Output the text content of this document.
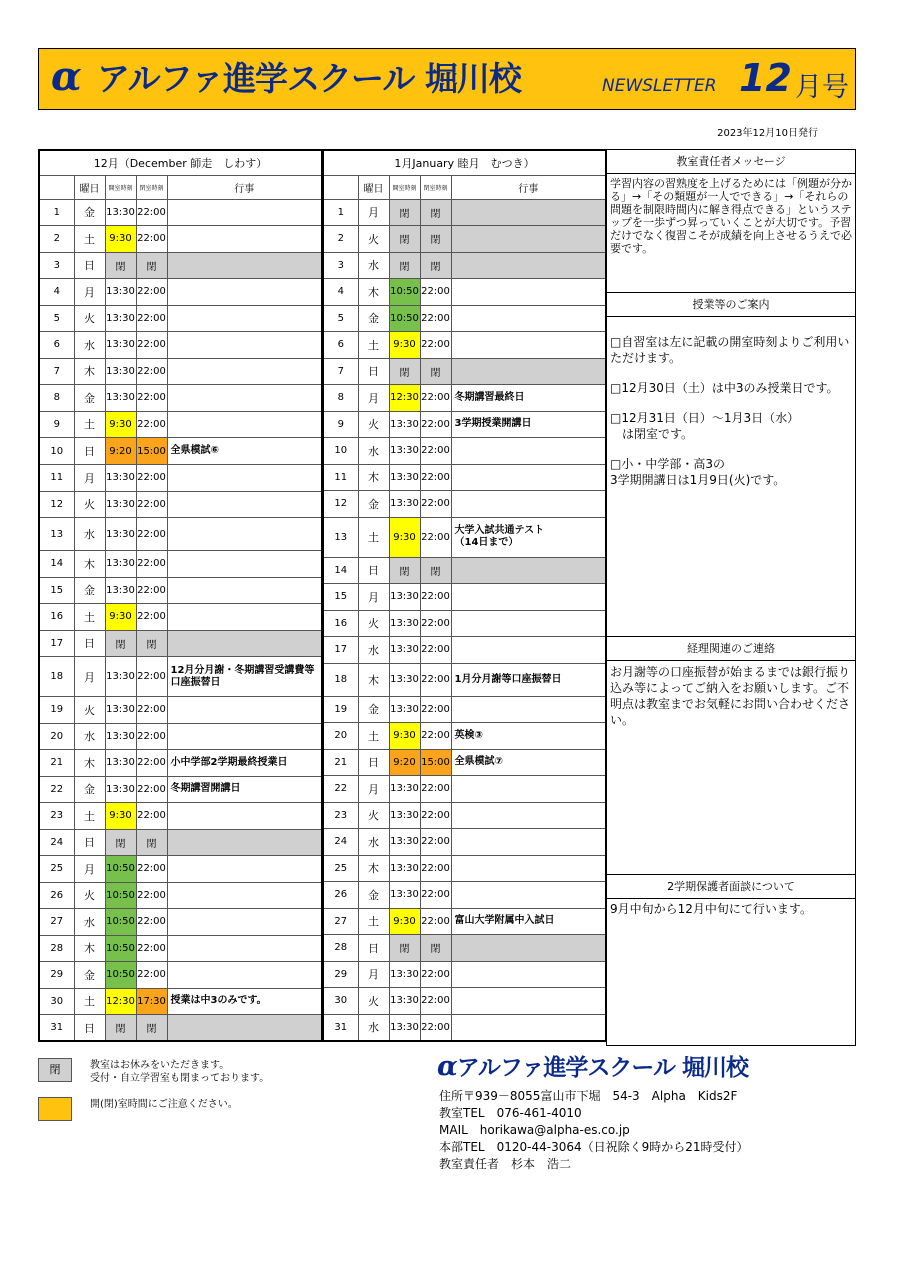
α アルファ進学スクール 堀川校	NEWSLETTER 12 月号
2023年12月10日発行
12月（December 師走　しわす）				
	曜日	開室時刻	閉室時刻	行事
1	金	13:30	22:00	
2	土	9:30	22:00	
3	日	閉	閉	
4	月	13:30	22:00	
5	火	13:30	22:00	
6	水	13:30	22:00	
7	木	13:30	22:00	
8	金	13:30	22:00	
9	土	9:30	22:00	
10	日	9:20	15:00	全県模試⑥
11	月	13:30	22:00	
12	火	13:30	22:00	
13	水	13:30	22:00	
14	木	13:30	22:00	
15	金	13:30	22:00	
16	土	9:30	22:00	
17	日	閉	閉	
18	月	13:30	22:00	12月分月謝・冬期講習受講費等口座振替日
19	火	13:30	22:00	
20	水	13:30	22:00	
21	木	13:30	22:00	小中学部2学期最終授業日
22	金	13:30	22:00	冬期講習開講日
23	土	9:30	22:00	
24	日	閉	閉	
25	月	10:50	22:00	
26	火	10:50	22:00	
27	水	10:50	22:00	
28	木	10:50	22:00	
29	金	10:50	22:00	
30	土	12:30	17:30	授業は中3のみです。
31	日	閉	閉	
1月January 睦月　むつき）				
	曜日	開室時刻	閉室時刻	行事
1	月	閉	閉	
2	火	閉	閉	
3	水	閉	閉	
4	木	10:50	22:00	
5	金	10:50	22:00	
6	土	9:30	22:00	
7	日	閉	閉	
8	月	12:30	22:00	冬期講習最終日
9	火	13:30	22:00	3学期授業開講日
10	水	13:30	22:00	
11	木	13:30	22:00	
12	金	13:30	22:00	
13	土	9:30	22:00	大学入試共通テスト
（14日まで）
14	日	閉	閉	
15	月	13:30	22:00	
16	火	13:30	22:00	
17	水	13:30	22:00	
18	木	13:30	22:00	1月分月謝等口座振替日
19	金	13:30	22:00	
20	土	9:30	22:00	英検③
21	日	9:20	15:00	全県模試⑦
22	月	13:30	22:00	
23	火	13:30	22:00	
24	水	13:30	22:00	
25	木	13:30	22:00	
26	金	13:30	22:00	
27	土	9:30	22:00	富山大学附属中入試日
28	日	閉	閉	
29	月	13:30	22:00	
30	火	13:30	22:00	
31	水	13:30	22:00	
教室責任者メッセージ
学習内容の習熟度を上げるためには「例題が分かる」→「その類題が一人でできる」→「それらの問題を制限時間内に解き得点できる」というステップを一歩ずつ昇っていくことが大切です。予習だけでなく復習こそが成績を向上させるうえで必要です。
授業等のご案内

□自習室は左に記載の開室時刻よりご利用いただけます。

□12月30日（土）は中3のみ授業日です。

□12月31日（日）～1月3日（水）
　は閉室です。

□小・中学部・高3の
3学期開講日は1月9日(火)です。

経理関連のご連絡
お月謝等の口座振替が始まるまでは銀行振り込み等によってご納入をお願いします。ご不明点は教室までお気軽にお問い合わせください。
2学期保護者面談について
9月中旬から12月中旬にて行います。
閉	教室はお休みをいただきます。
受付・自立学習室も閉まっております。
開(閉)室時間にご注意ください。
αアルファ進学スクール 堀川校
住所〒939－8055富山市下堀　54-3　Alpha　Kids2F
教室TEL　076-461-4010
MAIL　horikawa@alpha-es.co.jp
本部TEL　0120-44-3064（日祝除く9時から21時受付）
教室責任者　杉本　浩二
